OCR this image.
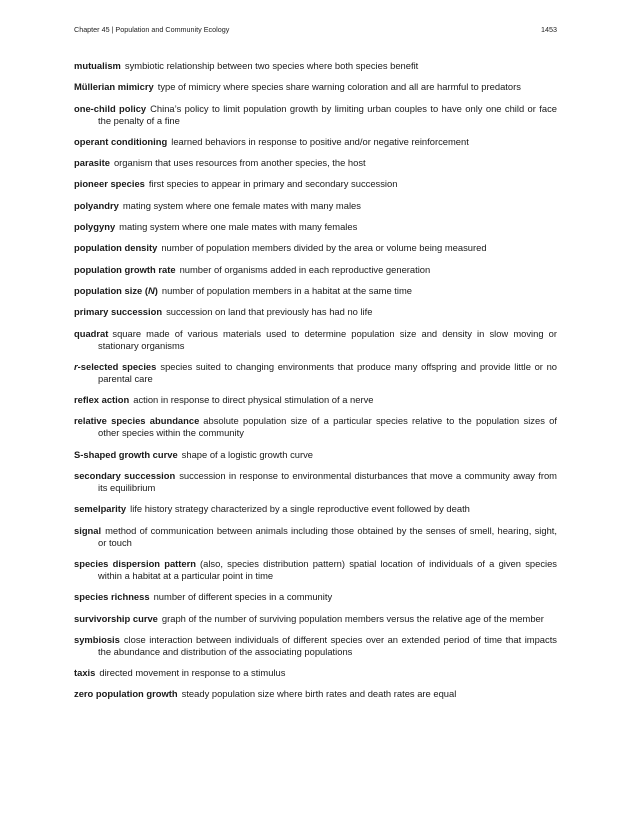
Chapter 45 | Population and Community Ecology	1453

mutualism symbiotic relationship between two species where both species benefit

Müllerian mimicry type of mimicry where species share warning coloration and all are harmful to predators

one-child policy China’s policy to limit population growth by limiting urban couples to have only one child or face the penalty of a fine

operant conditioning learned behaviors in response to positive and/or negative reinforcement

parasite organism that uses resources from another species, the host

pioneer species first species to appear in primary and secondary succession

polyandry mating system where one female mates with many males

polygyny mating system where one male mates with many females

population density number of population members divided by the area or volume being measured

population growth rate number of organisms added in each reproductive generation

population size (N) number of population members in a habitat at the same time

primary succession succession on land that previously has had no life

quadrat square made of various materials used to determine population size and density in slow moving or stationary organisms

r-selected species species suited to changing environments that produce many offspring and provide little or no parental care

reflex action action in response to direct physical stimulation of a nerve

relative species abundance absolute population size of a particular species relative to the population sizes of other species within the community

S-shaped growth curve shape of a logistic growth curve

secondary succession succession in response to environmental disturbances that move a community away from its equilibrium

semelparity life history strategy characterized by a single reproductive event followed by death

signal method of communication between animals including those obtained by the senses of smell, hearing, sight, or touch

species dispersion pattern (also, species distribution pattern) spatial location of individuals of a given species within a habitat at a particular point in time

species richness number of different species in a community

survivorship curve graph of the number of surviving population members versus the relative age of the member

symbiosis close interaction between individuals of different species over an extended period of time that impacts the abundance and distribution of the associating populations

taxis directed movement in response to a stimulus

zero population growth steady population size where birth rates and death rates are equal
